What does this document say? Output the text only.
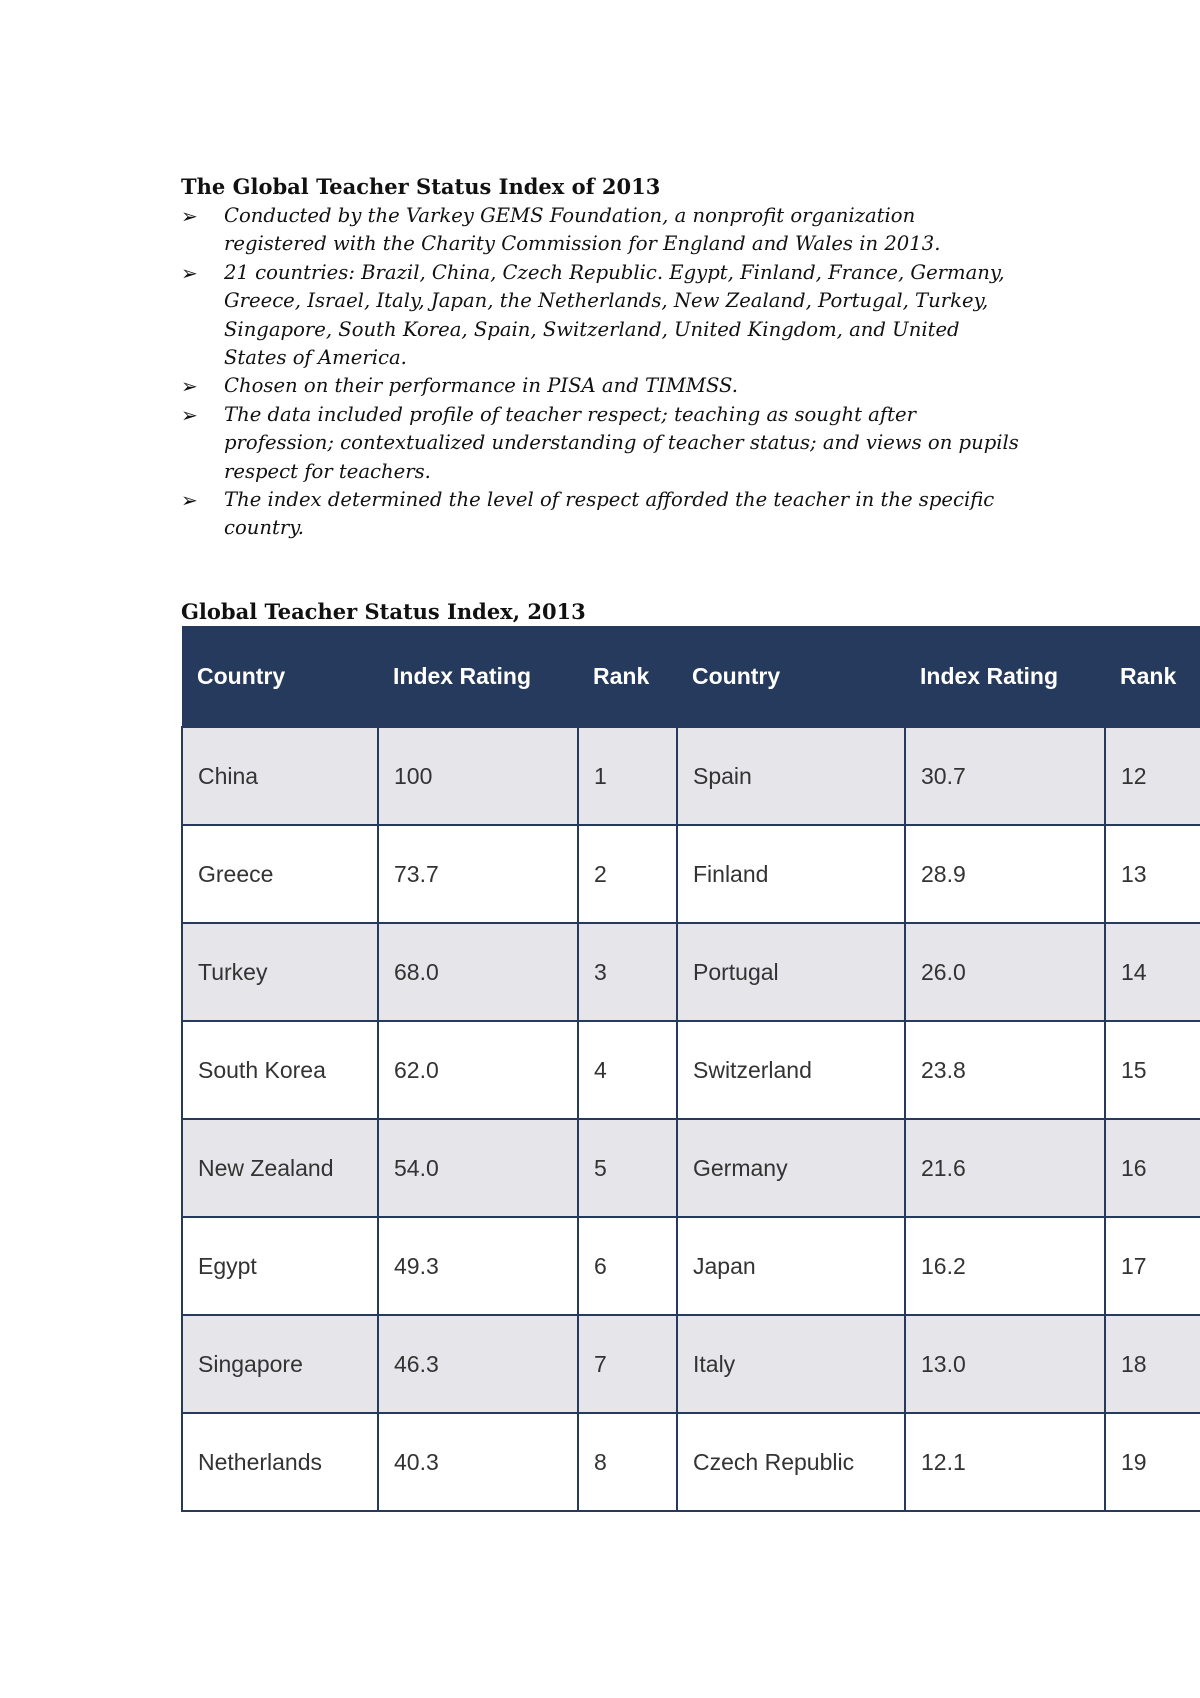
The Global Teacher Status Index of 2013
➢ Conducted by the Varkey GEMS Foundation, a nonprofit organization registered with the Charity Commission for England and Wales in 2013.
➢ 21 countries: Brazil, China, Czech Republic. Egypt, Finland, France, Germany, Greece, Israel, Italy, Japan, the Netherlands, New Zealand, Portugal, Turkey, Singapore, South Korea, Spain, Switzerland, United Kingdom, and United States of America.
➢ Chosen on their performance in PISA and TIMMSS.
➢ The data included profile of teacher respect; teaching as sought after profession; contextualized understanding of teacher status; and views on pupils respect for teachers.
➢ The index determined the level of respect afforded the teacher in the specific country.
Global Teacher Status Index, 2013
Country	Index Rating	Rank	Country	Index Rating	Rank
China	100	1	Spain	30.7	12
Greece	73.7	2	Finland	28.9	13
Turkey	68.0	3	Portugal	26.0	14
South Korea	62.0	4	Switzerland	23.8	15
New Zealand	54.0	5	Germany	21.6	16
Egypt	49.3	6	Japan	16.2	17
Singapore	46.3	7	Italy	13.0	18
Netherlands	40.3	8	Czech Republic	12.1	19
